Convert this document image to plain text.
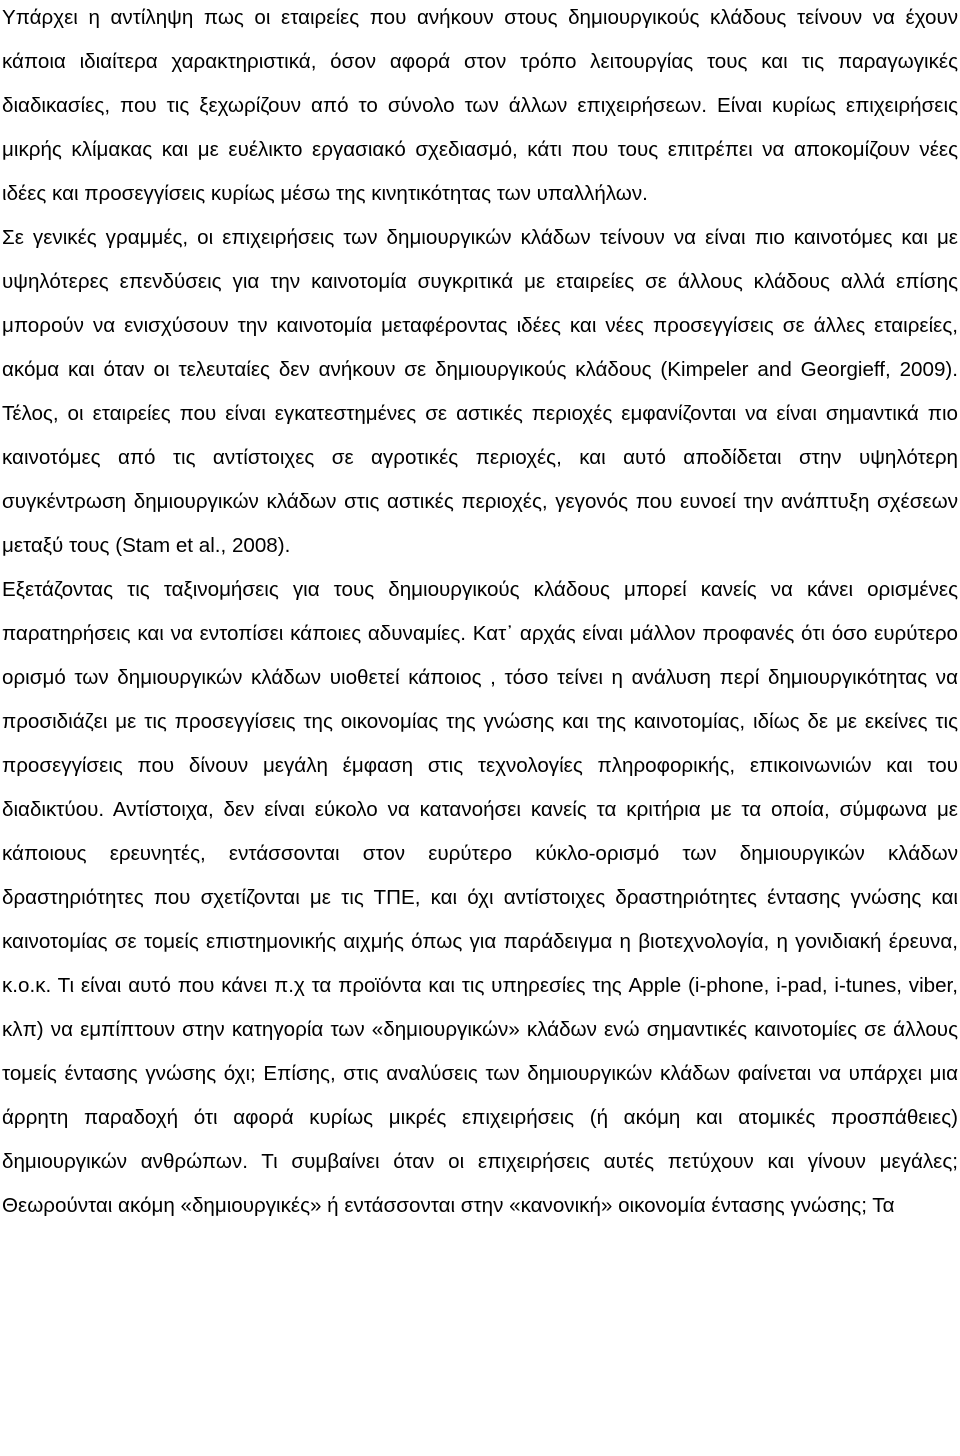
Υπάρχει η αντίληψη πως οι εταιρείες που ανήκουν στους δημιουργικούς κλάδους τείνουν να έχουν κάποια ιδιαίτερα χαρακτηριστικά, όσον αφορά στον τρόπο λειτουργίας τους και τις παραγωγικές διαδικασίες, που τις ξεχωρίζουν από το σύνολο των άλλων επιχειρήσεων. Είναι κυρίως επιχειρήσεις μικρής κλίμακας και με ευέλικτο εργασιακό σχεδιασμό, κάτι που τους επιτρέπει να αποκομίζουν νέες ιδέες και προσεγγίσεις κυρίως μέσω της κινητικότητας των υπαλλήλων.

Σε γενικές γραμμές, οι επιχειρήσεις των δημιουργικών κλάδων τείνουν να είναι πιο καινοτόμες και με υψηλότερες επενδύσεις για την καινοτομία συγκριτικά με εταιρείες σε άλλους κλάδους αλλά επίσης μπορούν να ενισχύσουν την καινοτομία μεταφέροντας ιδέες και νέες προσεγγίσεις σε άλλες εταιρείες, ακόμα και όταν οι τελευταίες δεν ανήκουν σε δημιουργικούς κλάδους (Kimpeler and Georgieff, 2009). Τέλος, οι εταιρείες που είναι εγκατεστημένες σε αστικές περιοχές εμφανίζονται να είναι σημαντικά πιο καινοτόμες από τις αντίστοιχες σε αγροτικές περιοχές, και αυτό αποδίδεται στην υψηλότερη συγκέντρωση δημιουργικών κλάδων στις αστικές περιοχές, γεγονός που ευνοεί την ανάπτυξη σχέσεων μεταξύ τους (Stam et al., 2008).

Εξετάζοντας τις ταξινομήσεις για τους δημιουργικούς κλάδους μπορεί κανείς να κάνει ορισμένες παρατηρήσεις και να εντοπίσει κάποιες αδυναμίες. Κατ᾽ αρχάς είναι μάλλον προφανές ότι όσο ευρύτερο ορισμό των δημιουργικών κλάδων υιοθετεί κάποιος , τόσο τείνει η ανάλυση περί δημιουργικότητας να προσιδιάζει με τις προσεγγίσεις της οικονομίας της γνώσης και της καινοτομίας, ιδίως δε με εκείνες τις προσεγγίσεις που δίνουν μεγάλη έμφαση στις τεχνολογίες πληροφορικής, επικοινωνιών και του διαδικτύου. Αντίστοιχα, δεν είναι εύκολο να κατανοήσει κανείς τα κριτήρια με τα οποία, σύμφωνα με κάποιους ερευνητές, εντάσσονται στον ευρύτερο κύκλο-ορισμό των δημιουργικών κλάδων δραστηριότητες που σχετίζονται με τις ΤΠΕ, και όχι αντίστοιχες δραστηριότητες έντασης γνώσης και καινοτομίας σε τομείς επιστημονικής αιχμής όπως για παράδειγμα η βιοτεχνολογία, η γονιδιακή έρευνα, κ.ο.κ. Τι είναι αυτό που κάνει π.χ τα προϊόντα και τις υπηρεσίες της Apple (i-phone, i-pad, i-tunes, viber, κλπ) να εμπίπτουν στην κατηγορία των «δημιουργικών» κλάδων ενώ σημαντικές καινοτομίες σε άλλους τομείς έντασης γνώσης όχι; Επίσης, στις αναλύσεις των δημιουργικών κλάδων φαίνεται να υπάρχει μια άρρητη παραδοχή ότι αφορά κυρίως μικρές επιχειρήσεις (ή ακόμη και ατομικές προσπάθειες) δημιουργικών ανθρώπων. Τι συμβαίνει όταν οι επιχειρήσεις αυτές πετύχουν και γίνουν μεγάλες; Θεωρούνται ακόμη «δημιουργικές» ή εντάσσονται στην «κανονική» οικονομία έντασης γνώσης; Τα
